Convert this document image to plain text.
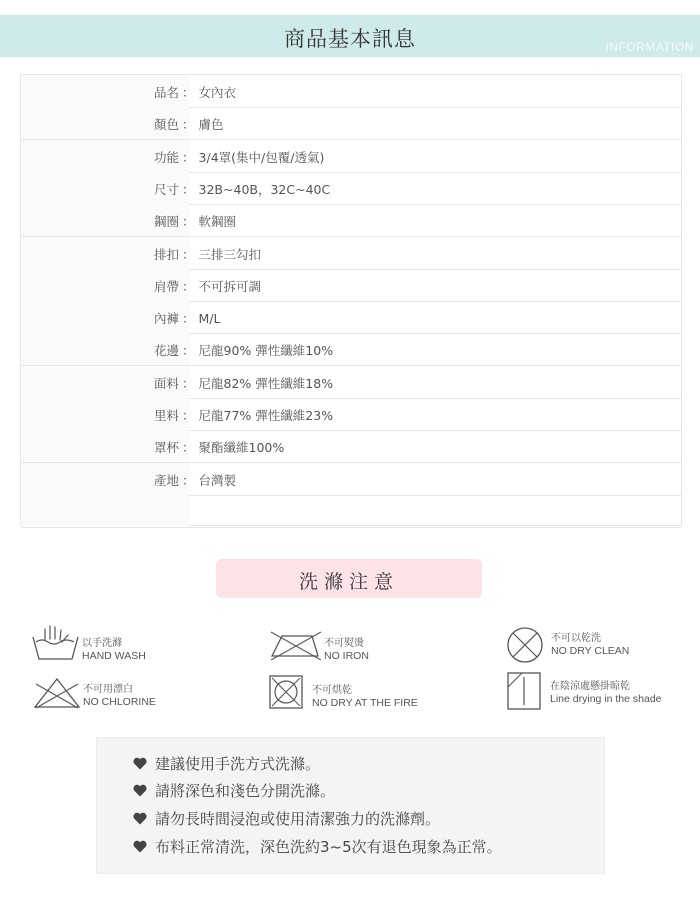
商品基本訊息	INFORMATION
品名 ： 女內衣
顏色 ： 膚色
功能 ： 3/4罩(集中/包覆/透氣)
尺寸 ： 32B~40B，32C~40C
鋼圈 ： 軟鋼圈
排扣 ： 三排三勾扣
肩帶 ： 不可拆可調
內褲 ： M/L
花邊 ： 尼龍90% 彈性纖維10%
面料 ： 尼龍82% 彈性纖維18%
里料 ： 尼龍77% 彈性纖維23%
罩杯 ： 聚酯纖維100%
產地 ： 台灣製
洗滌注意
以手洗滌
HAND WASH
不可熨燙
NO IRON
不可以乾洗
NO DRY CLEAN
不可用漂白
NO CHLORINE
不可烘乾
NO DRY AT THE FIRE
在陰涼處懸掛晾乾
Line drying in the shade
建議使用手洗方式洗滌。
請將深色和淺色分開洗滌。
請勿長時間浸泡或使用清潔強力的洗滌劑。
布料正常清洗，深色洗約3~5次有退色現象為正常。
